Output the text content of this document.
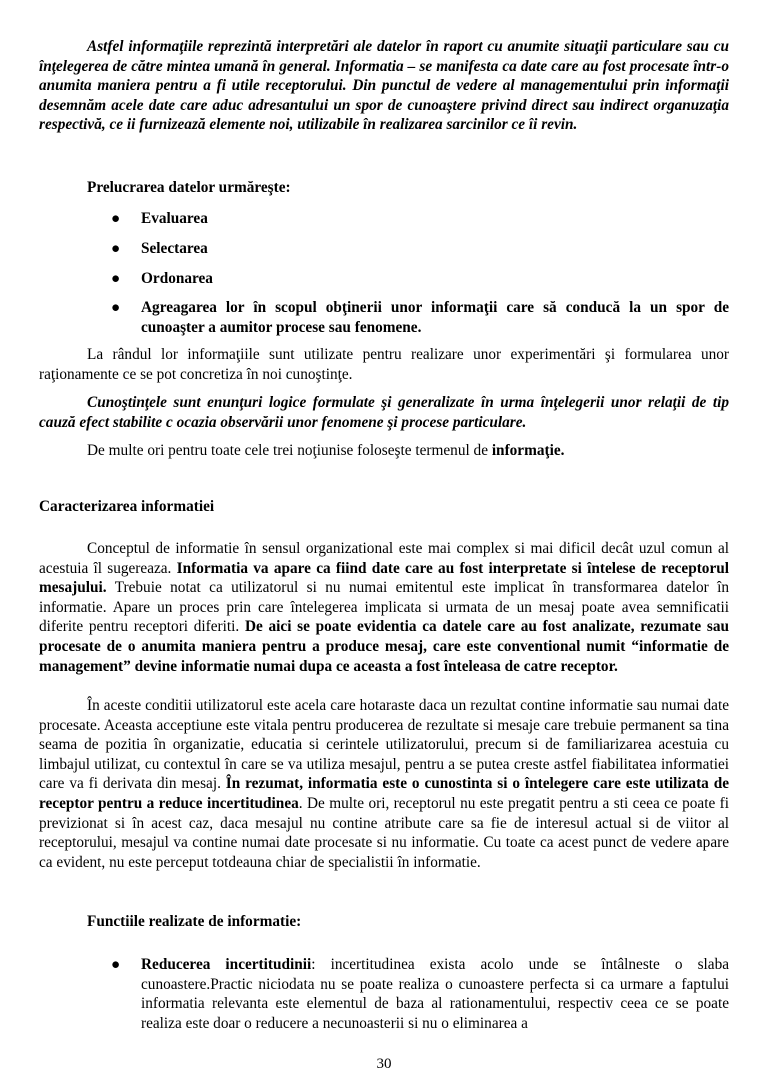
Astfel informaţiile reprezintă interpretări ale datelor în raport cu anumite situaţii particulare sau cu înţelegerea de către mintea umană în general. Informatia – se manifesta ca date care au fost procesate într-o anumita maniera pentru a fi utile receptorului. Din punctul de vedere al managementului prin informaţii desemnăm acele date care aduc adresantului un spor de cunoaştere privind direct sau indirect organuzaţia respectivă, ce ii furnizează elemente noi, utilizabile în realizarea sarcinilor ce îi revin.

Prelucrarea datelor urmăreşte:

● Evaluarea
● Selectarea
● Ordonarea
● Agreagarea lor în scopul obţinerii unor informaţii care să conducă la un spor de cunoaşter a aumitor procese sau fenomene.

La rândul lor informaţiile sunt utilizate pentru realizare unor experimentări şi formularea unor raţionamente ce se pot concretiza în noi cunoştinţe.

Cunoştinţele sunt enunţuri logice formulate şi generalizate în urma înţelegerii unor relaţii de tip cauză efect stabilite c ocazia observării unor fenomene şi procese particulare.

De multe ori pentru toate cele trei noţiunise foloseşte termenul de informaţie.

Caracterizarea informatiei

Conceptul de informatie în sensul organizational este mai complex si mai dificil decât uzul comun al acestuia îl sugereaza. Informatia va apare ca fiind date care au fost interpretate si întelese de receptorul mesajului. Trebuie notat ca utilizatorul si nu numai emitentul este implicat în transformarea datelor în informatie. Apare un proces prin care întelegerea implicata si urmata de un mesaj poate avea semnificatii diferite pentru receptori diferiti. De aici se poate evidentia ca datele care au fost analizate, rezumate sau procesate de o anumita maniera pentru a produce mesaj, care este conventional numit “informatie de management” devine informatie numai dupa ce aceasta a fost înteleasa de catre receptor.

În aceste conditii utilizatorul este acela care hotaraste daca un rezultat contine informatie sau numai date procesate. Aceasta acceptiune este vitala pentru producerea de rezultate si mesaje care trebuie permanent sa tina seama de pozitia în organizatie, educatia si cerintele utilizatorului, precum si de familiarizarea acestuia cu limbajul utilizat, cu contextul în care se va utiliza mesajul, pentru a se putea creste astfel fiabilitatea informatiei care va fi derivata din mesaj. În rezumat, informatia este o cunostinta si o întelegere care este utilizata de receptor pentru a reduce incertitudinea. De multe ori, receptorul nu este pregatit pentru a sti ceea ce poate fi previzionat si în acest caz, daca mesajul nu contine atribute care sa fie de interesul actual si de viitor al receptorului, mesajul va contine numai date procesate si nu informatie. Cu toate ca acest punct de vedere apare ca evident, nu este perceput totdeauna chiar de specialistii în informatie.

Functiile realizate de informatie:

● Reducerea incertitudinii: incertitudinea exista acolo unde se întâlneste o slaba cunoastere.Practic niciodata nu se poate realiza o cunoastere perfecta si ca urmare a faptului informatia relevanta este elementul de baza al rationamentului, respectiv ceea ce se poate realiza este doar o reducere a necunoasterii si nu o eliminarea a
30
